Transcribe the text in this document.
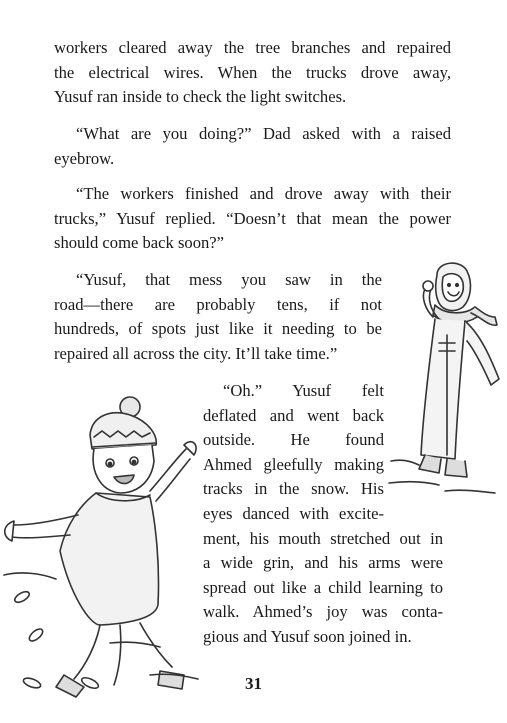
workers cleared away the tree branches and repaired
the electrical wires. When the trucks drove away,
Yusuf ran inside to check the light switches.
“What are you doing?” Dad asked with a raised
eyebrow.
“The workers finished and drove away with their
trucks,” Yusuf replied. “Doesn’t that mean the power
should come back soon?”
“Yusuf, that mess you saw in the
road—there are probably tens, if not
hundreds, of spots just like it needing to be
repaired all across the city. It’ll take time.”
“Oh.” Yusuf felt
deflated and went back
outside. He found
Ahmed gleefully making
tracks in the snow. His
eyes danced with excite-
ment, his mouth stretched out in
a wide grin, and his arms were
spread out like a child learning to
walk. Ahmed’s joy was conta-
gious and Yusuf soon joined in.
31
